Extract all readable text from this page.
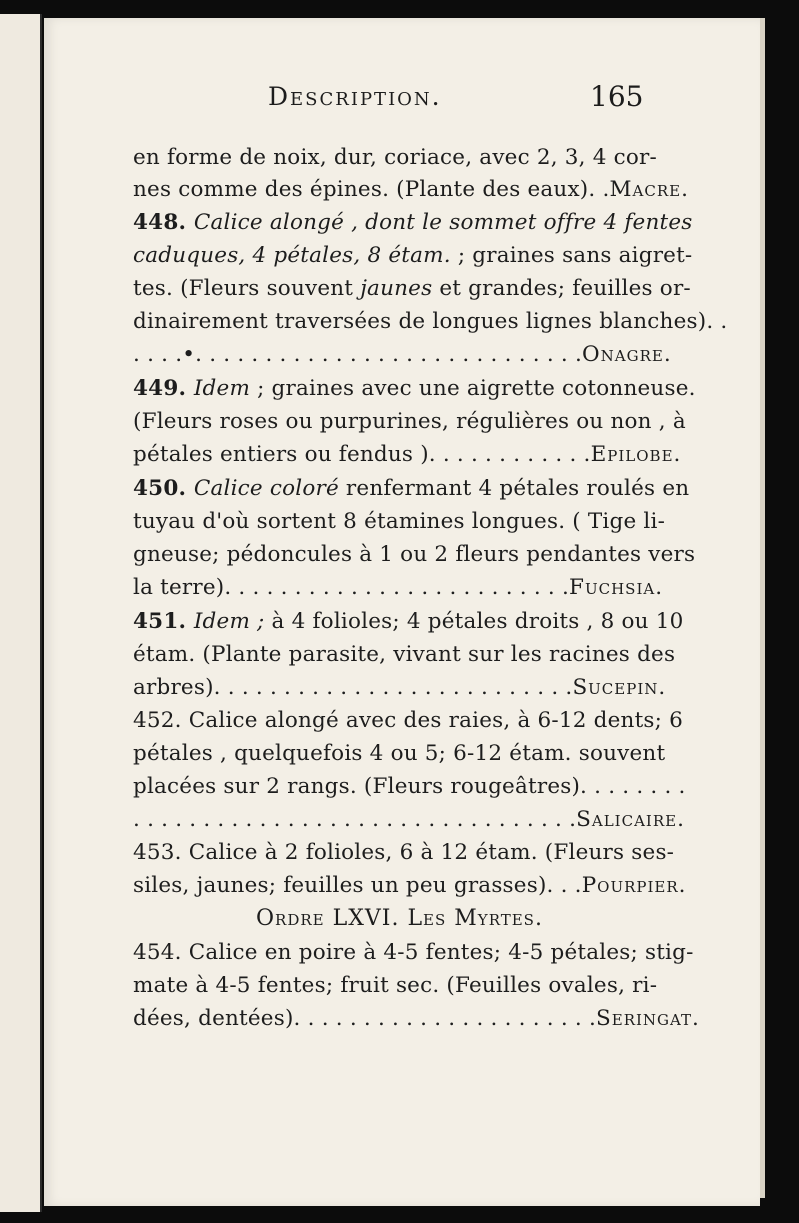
Description.	165
en forme de noix, dur, coriace, avec 2, 3, 4 cor-
nes comme des épines. (Plante des eaux). .Macre.
448. Calice alongé , dont le sommet offre 4 fentes
caduques, 4 pétales, 8 étam. ; graines sans aigret-
tes. (Fleurs souvent jaunes et grandes; feuilles or-
dinairement traversées de longues lignes blanches). .
. . . .•. . . . . . . . . . . . . . . . . . . . . . . . . . . .Onagre.
449. Idem ; graines avec une aigrette cotonneuse.
(Fleurs roses ou purpurines, régulières ou non , à
pétales entiers ou fendus ). . . . . . . . . . . .Epilobe.
450. Calice coloré renfermant 4 pétales roulés en
tuyau d'où sortent 8 étamines longues. ( Tige li-
gneuse; pédoncules à 1 ou 2 fleurs pendantes vers
la terre). . . . . . . . . . . . . . . . . . . . . . . . .Fuchsia.
451. Idem ; à 4 folioles; 4 pétales droits , 8 ou 10
étam. (Plante parasite, vivant sur les racines des
arbres). . . . . . . . . . . . . . . . . . . . . . . . . .Sucepin.
452. Calice alongé avec des raies, à 6-12 dents; 6
pétales , quelquefois 4 ou 5; 6-12 étam. souvent
placées sur 2 rangs. (Fleurs rougeâtres). . . . . . . .
. . . . . . . . . . . . . . . . . . . . . . . . . . . . . . . .Salicaire.
453. Calice à 2 folioles, 6 à 12 étam. (Fleurs ses-
siles, jaunes; feuilles un peu grasses). . .Pourpier.
Ordre LXVI. Les Myrtes.
454. Calice en poire à 4-5 fentes; 4-5 pétales; stig-
mate à 4-5 fentes; fruit sec. (Feuilles ovales, ri-
dées, dentées). . . . . . . . . . . . . . . . . . . . . .Seringat.
